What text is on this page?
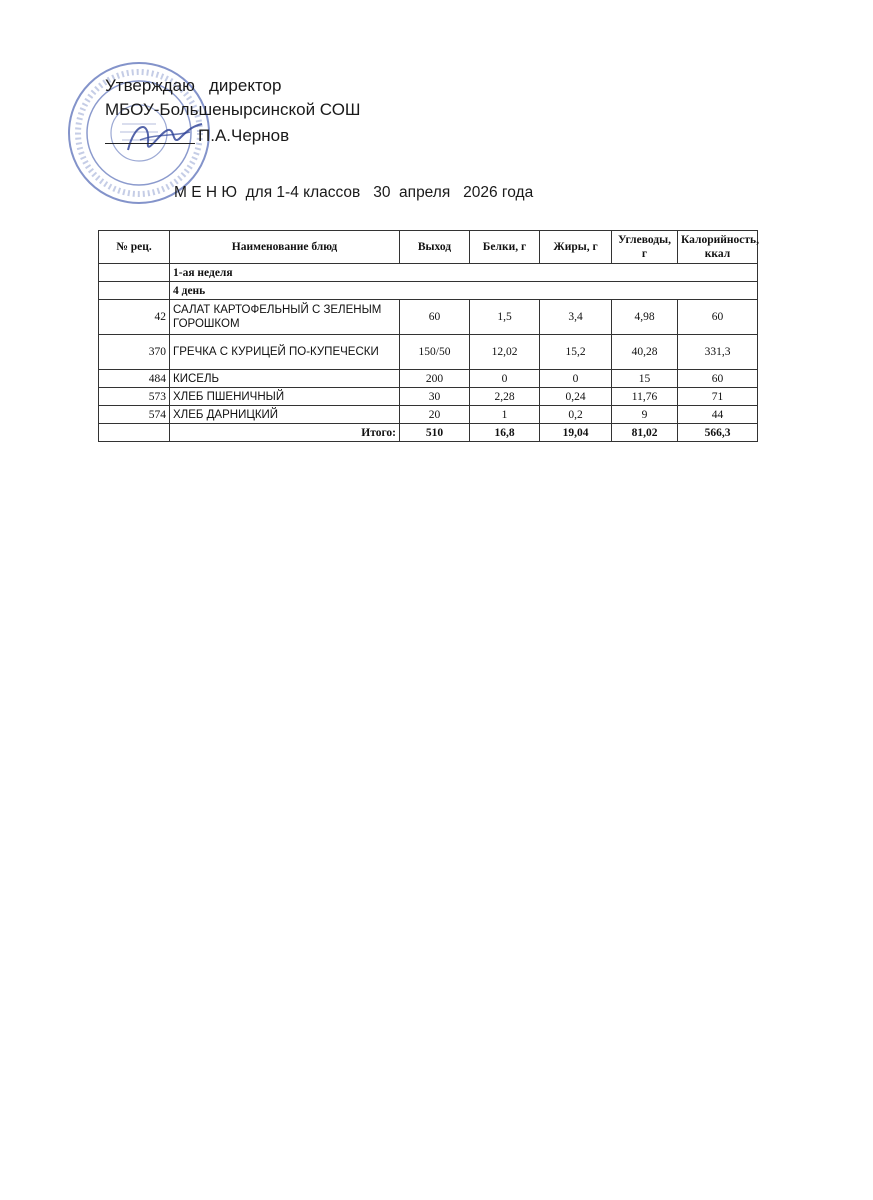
Утверждаю   директор
МБОУ-Большенырсинской СОШ
П.А.Чернов
М Е Н Ю  для 1-4 классов   30  апреля   2026 года
№ рец.	Наименование блюд	Выход	Белки, г	Жиры, г	Углеводы, г	Калорийность, ккал
	1-ая неделя					
	4 день					
42	САЛАТ КАРТОФЕЛЬНЫЙ С ЗЕЛЕНЫМ ГОРОШКОМ	60	1,5	3,4	4,98	60
370	ГРЕЧКА С КУРИЦЕЙ ПО-КУПЕЧЕСКИ	150/50	12,02	15,2	40,28	331,3
484	КИСЕЛЬ	200	0	0	15	60
573	ХЛЕБ ПШЕНИЧНЫЙ	30	2,28	0,24	11,76	71
574	ХЛЕБ ДАРНИЦКИЙ	20	1	0,2	9	44
	Итого:	510	16,8	19,04	81,02	566,3
